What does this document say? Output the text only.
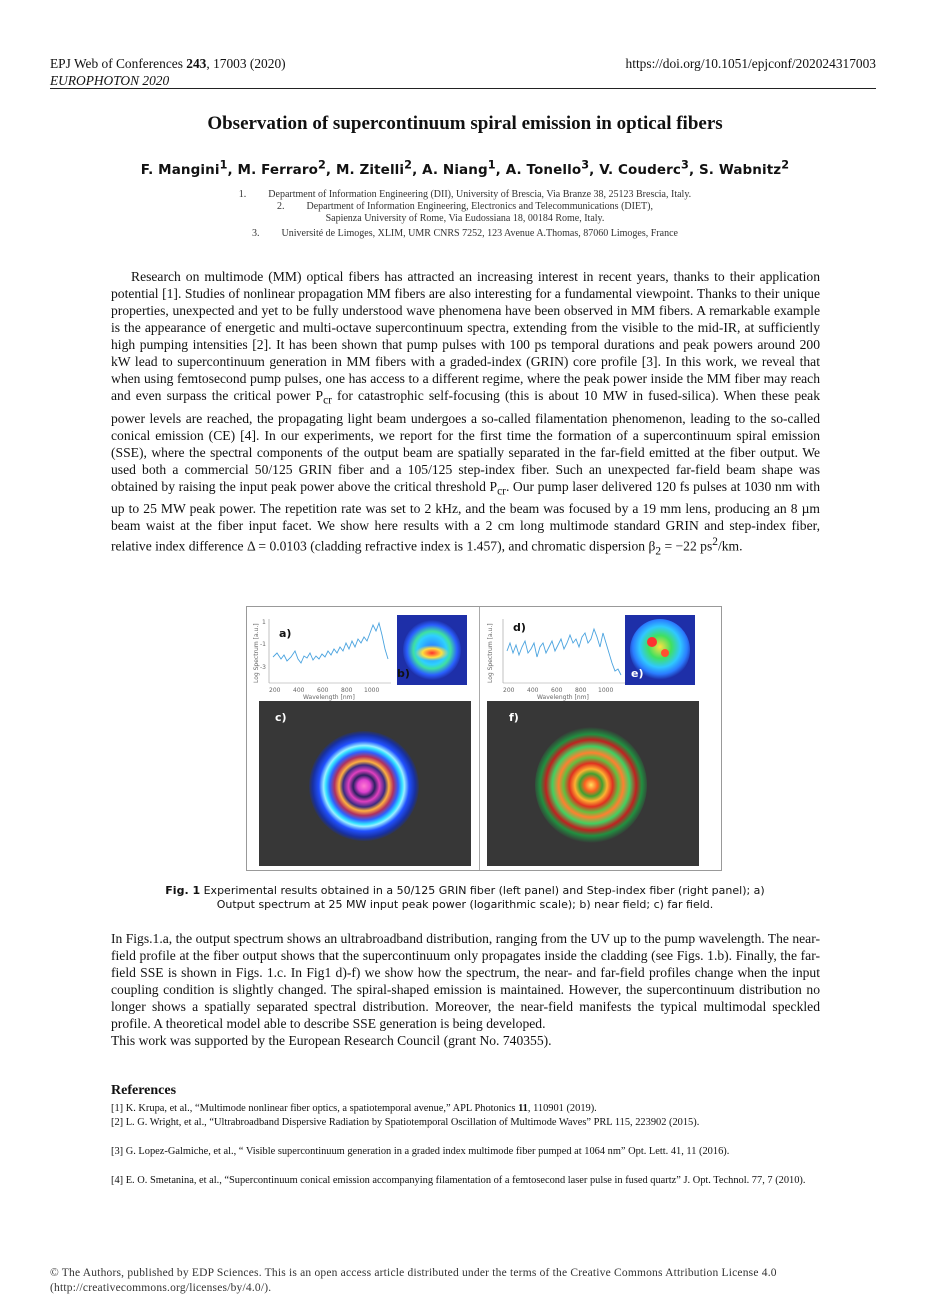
EPJ Web of Conferences 243, 17003 (2020)
EUROPHOTON 2020
https://doi.org/10.1051/epjconf/202024317003
Observation of supercontinuum spiral emission in optical fibers
F. Mangini$^1$, M. Ferraro$^2$, M. Zitelli$^2$, A. Niang$^1$, A. Tonello$^3$, V. Couderc$^3$, S. Wabnitz$^2$
1. Department of Information Engineering (DII), University of Brescia, Via Branze 38, 25123 Brescia, Italy.
2. Department of Information Engineering, Electronics and Telecommunications (DIET),
Sapienza University of Rome, Via Eudossiana 18, 00184 Rome, Italy.
3. Université de Limoges, XLIM, UMR CNRS 7252, 123 Avenue A.Thomas, 87060 Limoges, France
Research on multimode (MM) optical fibers has attracted an increasing interest in recent years, thanks to their application potential [1]. Studies of nonlinear propagation MM fibers are also interesting for a fundamental viewpoint. Thanks to their unique properties, unexpected and yet to be fully understood wave phenomena have been observed in MM fibers. A remarkable example is the appearance of energetic and multi-octave supercontinuum spectra, extending from the visible to the mid-IR, at sufficiently high pumping intensities [2]. It has been shown that pump pulses with 100 ps temporal durations and peak powers around 200 kW lead to supercontinuum generation in MM fibers with a graded-index (GRIN) core profile [3]. In this work, we reveal that when using femtosecond pump pulses, one has access to a different regime, where the peak power inside the MM fiber may reach and even surpass the critical power $P_{cr}$ for catastrophic self-focusing (this is about 10 MW in fused-silica). When these peak power levels are reached, the propagating light beam undergoes a so-called filamentation phenomenon, leading to the so-called conical emission (CE) [4]. In our experiments, we report for the first time the formation of a supercontinuum spiral emission (SSE), where the spectral components of the output beam are spatially separated in the far-field emitted at the fiber output. We used both a commercial 50/125 GRIN fiber and a 105/125 step-index fiber. Such an unexpected far-field beam shape was obtained by raising the input peak power above the critical threshold $P_{cr}$. Our pump laser delivered 120 fs pulses at 1030 nm with up to 25 MW peak power. The repetition rate was set to 2 kHz, and the beam was focused by a 19 mm lens, producing an 8 µm beam waist at the fiber input facet. We show here results with a 2 cm long multimode standard GRIN and step-index fiber, relative index difference Δ = 0.0103 (cladding refractive index is 1.457), and chromatic dispersion $\beta_2 = -22$ $ps^2/km$.
Log Spectrum [a.u.]
1
-1
-3
200 400 600 800 1000
Wavelength [nm]
a)
b)
c)
Log Spectrum [a.u.]
200 400 600 800 1000
Wavelength [nm]
d)
e)
f)
Fig. 1 Experimental results obtained in a 50/125 GRIN fiber (left panel) and Step-index fiber (right panel); a) Output spectrum at 25 MW input peak power (logarithmic scale); b) near field; c) far field.
In Figs.1.a, the output spectrum shows an ultrabroadband distribution, ranging from the UV up to the pump wavelength. The near-field profile at the fiber output shows that the supercontinuum only propagates inside the cladding (see Figs. 1.b). Finally, the far-field SSE is shown in Figs. 1.c. In Fig1 d)-f) we show how the spectrum, the near- and far-field profiles change when the input coupling condition is slightly changed. The spiral-shaped emission is maintained. However, the supercontinuum distribution no longer shows a spatially separated spectral distribution. Moreover, the near-field manifests the typical multimodal speckled profile. A theoretical model able to describe SSE generation is being developed.
This work was supported by the European Research Council (grant No. 740355).
References
[1] K. Krupa, et al., “Multimode nonlinear fiber optics, a spatiotemporal avenue,” APL Photonics 11, 110901 (2019).
[2] L. G. Wright, et al., “Ultrabroadband Dispersive Radiation by Spatiotemporal Oscillation of Multimode Waves” PRL 115, 223902 (2015).
[3] G. Lopez-Galmiche, et al., “ Visible supercontinuum generation in a graded index multimode fiber pumped at 1064 nm” Opt. Lett. 41, 11 (2016).
[4] E. O. Smetanina, et al., “Supercontinuum conical emission accompanying filamentation of a femtosecond laser pulse in fused quartz” J. Opt. Technol. 77, 7 (2010).
© The Authors, published by EDP Sciences. This is an open access article distributed under the terms of the Creative Commons Attribution License 4.0
(http://creativecommons.org/licenses/by/4.0/).
